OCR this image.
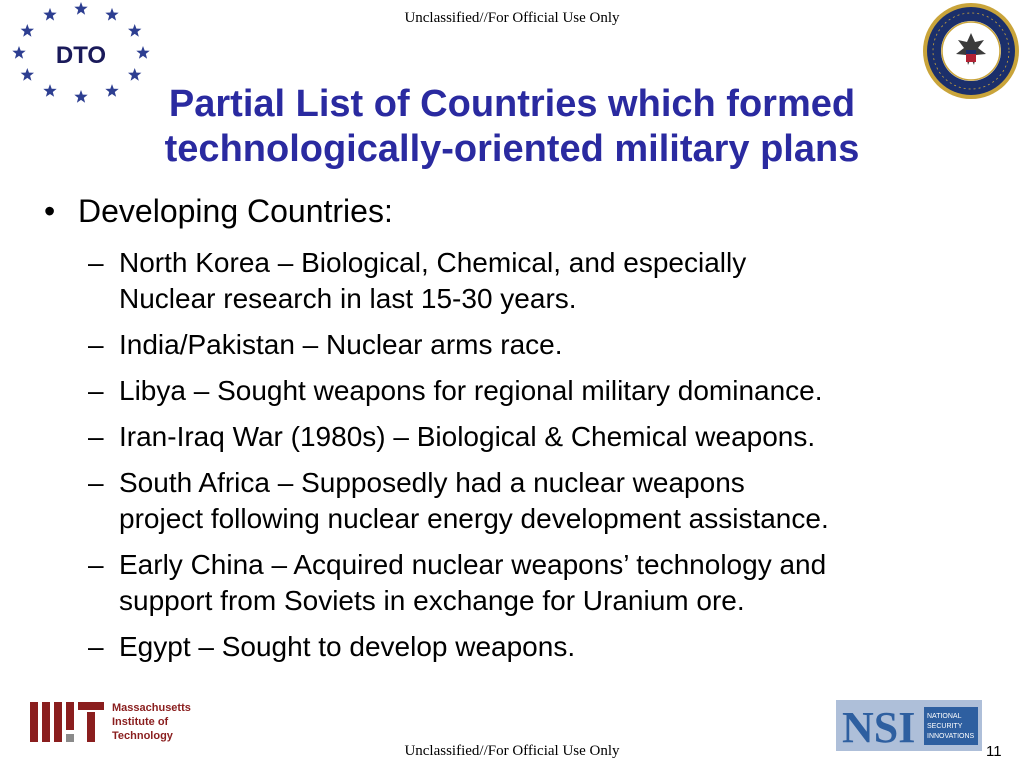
Unclassified//For Official Use Only
DTO
Partial List of Countries which formed
technologically-oriented military plans
• Developing Countries:
– North Korea – Biological, Chemical, and especially
Nuclear research in last 15-30 years.
– India/Pakistan – Nuclear arms race.
– Libya – Sought weapons for regional military dominance.
– Iran-Iraq War (1980s) – Biological & Chemical weapons.
– South Africa – Supposedly had a nuclear weapons
project following nuclear energy development assistance.
– Early China – Acquired nuclear weapons’ technology and
support from Soviets in exchange for Uranium ore.
– Egypt – Sought to develop weapons.
Massachusetts
Institute of
Technology	NSI NATIONAL
SECURITY
INNOVATIONS
Unclassified//For Official Use Only	11
